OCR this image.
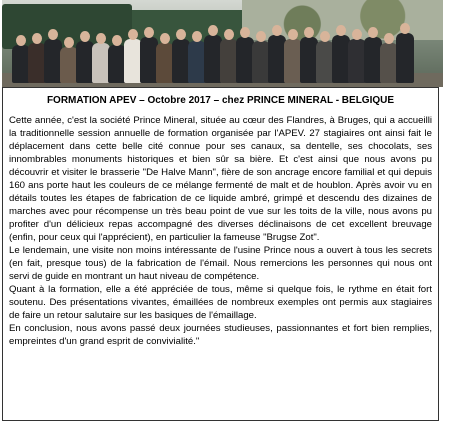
FORMATION APEV – Octobre 2017 – chez PRINCE MINERAL - BELGIQUE

Cette année, c'est la société Prince Mineral, située au cœur des Flandres, à Bruges, qui a accueilli la traditionnelle session annuelle de formation organisée par l'APEV. 27 stagiaires ont ainsi fait le déplacement dans cette belle cité connue pour ses canaux, sa dentelle, ses chocolats, ses innombrables monuments historiques et bien sûr sa bière. Et c'est ainsi que nous avons pu découvrir et visiter le brasserie "De Halve Mann", fière de son ancrage encore familial et qui depuis 160 ans porte haut les couleurs de ce mélange fermenté de malt et de houblon. Après avoir vu en détails toutes les étapes de fabrication de ce liquide ambré, grimpé et descendu des dizaines de marches avec pour récompense un très beau point de vue sur les toits de la ville, nous avons pu profiter d'un délicieux repas accompagné des diverses déclinaisons de cet excellent breuvage (enfin, pour ceux qui l'apprécient), en particulier la fameuse "Brugse Zot".

Le lendemain, une visite non moins intéressante de l'usine Prince nous a ouvert à tous les secrets (en fait, presque tous) de la fabrication de l'émail. Nous remercions les personnes qui nous ont servi de guide en montrant un haut niveau de compétence.

Quant à la formation, elle a été appréciée de tous, même si quelque fois, le rythme en était fort soutenu. Des présentations vivantes, émaillées de nombreux exemples ont permis aux stagiaires de faire un retour salutaire sur les basiques de l'émaillage.

En conclusion, nous avons passé deux journées studieuses, passionnantes et fort bien remplies, empreintes d'un grand esprit de convivialité."
